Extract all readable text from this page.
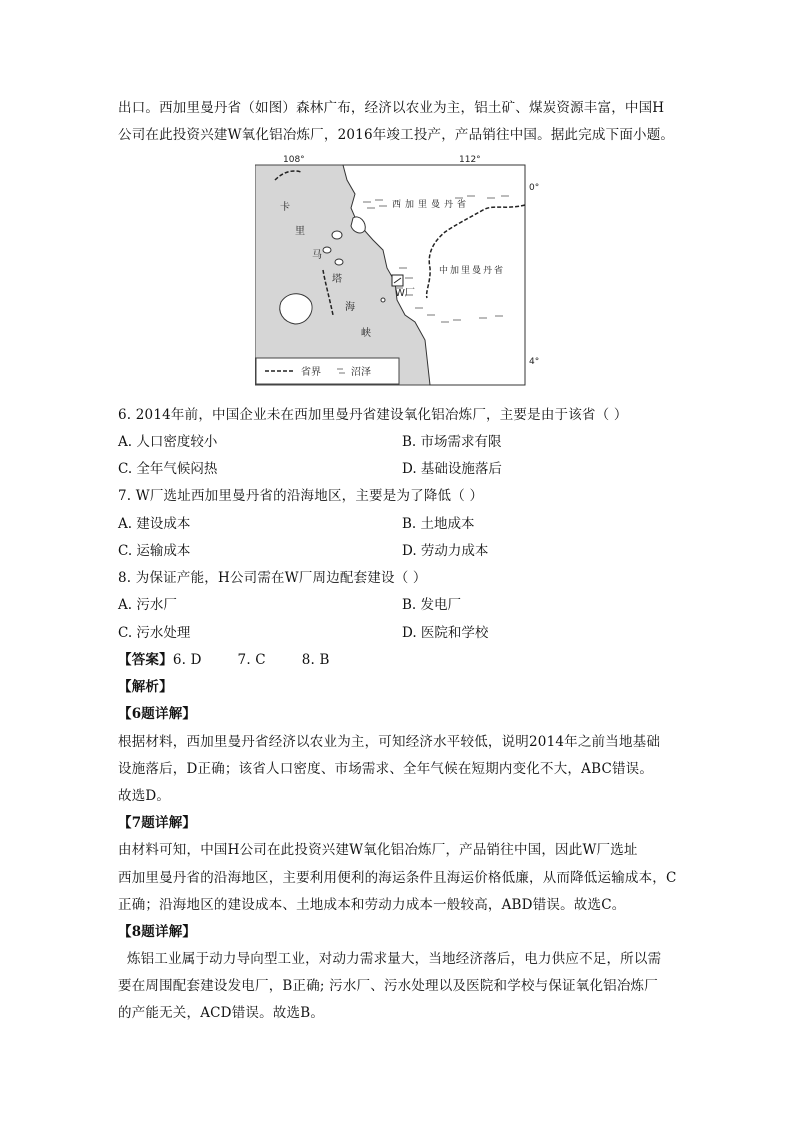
出口。西加里曼丹省（如图）森林广布，经济以农业为主，铝土矿、煤炭资源丰富，中国H
公司在此投资兴建W氧化铝冶炼厂，2016年竣工投产，产品销往中国。据此完成下面小题。
108°	112°
0°
4°
卡
里
马
塔
海
峡
西加里曼丹省
中加里曼丹省
W厂
省界	沼泽
6. 2014年前，中国企业未在西加里曼丹省建设氧化铝冶炼厂，主要是由于该省（ ）
A. 人口密度较小	B. 市场需求有限
C. 全年气候闷热	D. 基础设施落后
7. W厂选址西加里曼丹省的沿海地区，主要是为了降低（ ）
A. 建设成本	B. 土地成本
C. 运输成本	D. 劳动力成本
8. 为保证产能，H公司需在W厂周边配套建设（ ）
A. 污水厂	B. 发电厂
C. 污水处理	D. 医院和学校
【答案】6. D        7. C        8. B
【解析】
【6题详解】
根据材料，西加里曼丹省经济以农业为主，可知经济水平较低，说明2014年之前当地基础
设施落后，D正确；该省人口密度、市场需求、全年气候在短期内变化不大，ABC错误。
故选D。
【7题详解】
由材料可知，中国H公司在此投资兴建W氧化铝冶炼厂，产品销往中国，因此W厂选址
西加里曼丹省的沿海地区，主要利用便利的海运条件且海运价格低廉，从而降低运输成本，C
正确；沿海地区的建设成本、土地成本和劳动力成本一般较高，ABD错误。故选C。
【8题详解】
炼铝工业属于动力导向型工业，对动力需求量大，当地经济落后，电力供应不足，所以需
要在周围配套建设发电厂，B正确; 污水厂、污水处理以及医院和学校与保证氧化铝冶炼厂
的产能无关，ACD错误。故选B。
